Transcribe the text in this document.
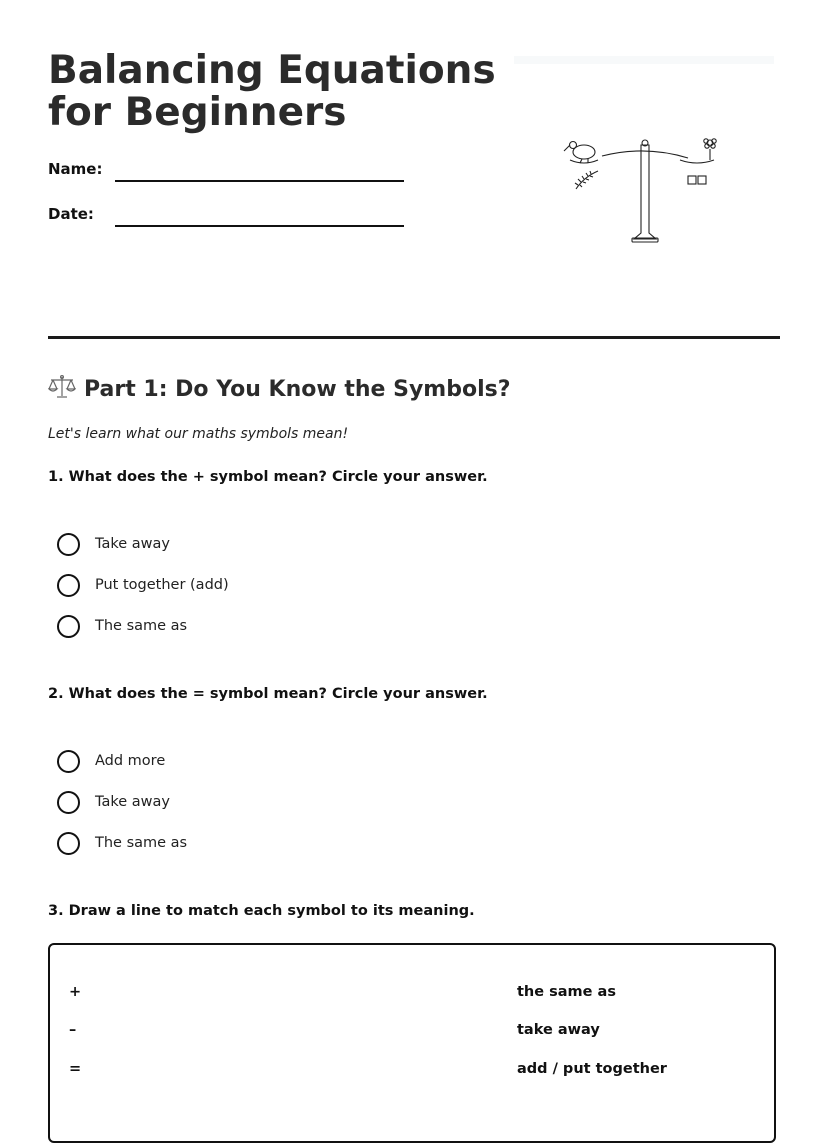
Balancing Equations for Beginners
Name:
Date:
Part 1: Do You Know the Symbols?
Let's learn what our maths symbols mean!
1. What does the + symbol mean? Circle your answer.
Take away
Put together (add)
The same as
2. What does the = symbol mean? Circle your answer.
Add more
Take away
The same as
3. Draw a line to match each symbol to its meaning.
+
–
=
the same as
take away
add / put together
